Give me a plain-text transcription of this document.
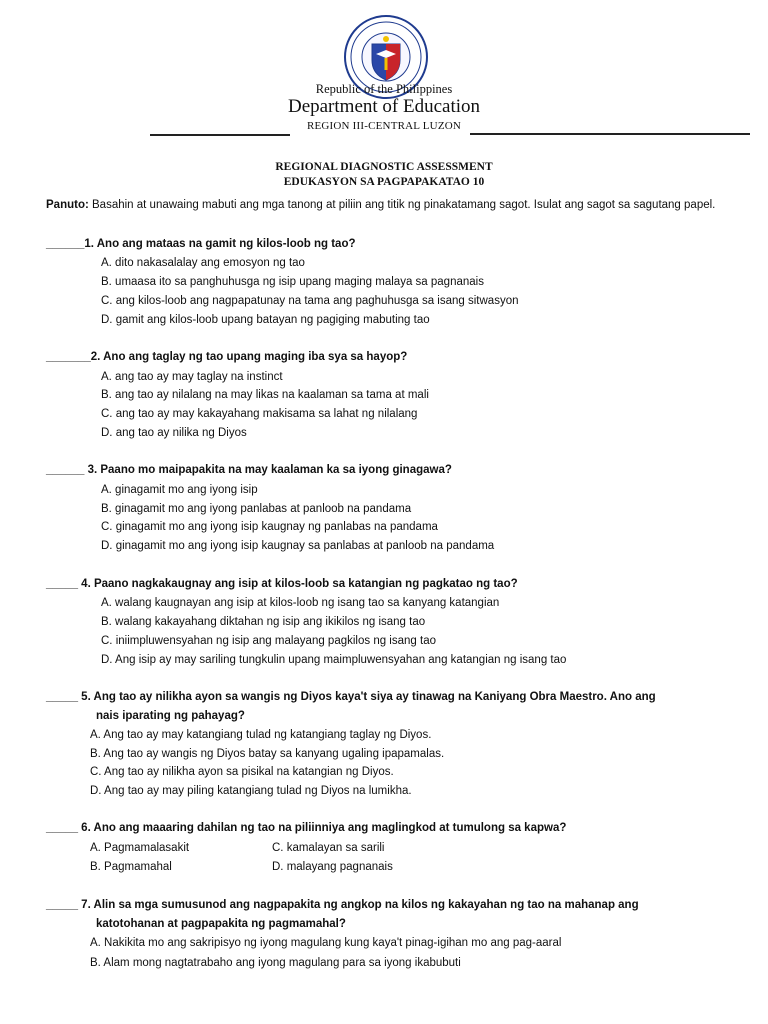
Republic of the Philippines
Department of Education
REGION III-CENTRAL LUZON
REGIONAL DIAGNOSTIC ASSESSMENT
EDUKASYON SA PAGPAPAKATAO 10
Panuto: Basahin at unawaing mabuti ang mga tanong at piliin ang titik ng pinakatamang sagot. Isulat ang sagot sa sagutang papel.
______1. Ano ang mataas na gamit ng kilos-loob ng tao?
A. dito nakasalalay ang emosyon ng tao
B. umaasa ito sa panghuhusga ng isip upang maging malaya sa pagnanais
C. ang kilos-loob ang nagpapatunay na tama ang paghuhusga sa isang sitwasyon
D. gamit ang kilos-loob upang batayan ng pagiging mabuting tao
_______2. Ano ang taglay ng tao upang maging iba sya sa hayop?
A. ang tao ay may taglay na instinct
B. ang tao ay nilalang na may likas na kaalaman sa tama at mali
C. ang tao ay may kakayahang makisama sa lahat ng nilalang
D. ang tao ay nilika ng Diyos
______ 3. Paano mo maipapakita na may kaalaman ka sa iyong ginagawa?
A. ginagamit mo ang iyong isip
B. ginagamit mo ang iyong panlabas at panloob na pandama
C. ginagamit mo ang iyong isip kaugnay ng panlabas na pandama
D. ginagamit mo ang iyong isip kaugnay sa panlabas at panloob na pandama
_____ 4. Paano nagkakaugnay ang isip at kilos-loob sa katangian ng pagkatao ng tao?
A. walang kaugnayan ang isip at kilos-loob ng isang tao sa kanyang katangian
B. walang kakayahang diktahan ng isip ang ikikilos ng isang tao
C. iniimpluwensyahan ng isip ang malayang pagkilos ng isang tao
D. Ang isip ay may sariling tungkulin upang maimpluwensyahan ang katangian ng isang tao
_____ 5. Ang tao ay nilikha ayon sa wangis ng Diyos kaya't siya ay tinawag na Kaniyang Obra Maestro. Ano ang
nais iparating ng pahayag?
A. Ang tao ay may katangiang tulad ng katangiang taglay ng Diyos.
B. Ang tao ay wangis ng Diyos batay sa kanyang ugaling ipapamalas.
C. Ang tao ay nilikha ayon sa pisikal na katangian ng Diyos.
D. Ang tao ay may piling katangiang tulad ng Diyos na lumikha.
_____ 6. Ano ang maaaring dahilan ng tao na piliinniya ang maglingkod at tumulong sa kapwa?
A. Pagmamalasakit	C. kamalayan sa sarili
B. Pagmamahal	D. malayang pagnanais
_____ 7. Alin sa mga sumusunod ang nagpapakita ng angkop na kilos ng kakayahan ng tao na mahanap ang
katotohanan at pagpapakita ng pagmamahal?
A. Nakikita mo ang sakripisyo ng iyong magulang kung kaya't pinag-igihan mo ang pag-aaral
B. Alam mong nagtatrabaho ang iyong magulang para sa iyong ikabubuti
